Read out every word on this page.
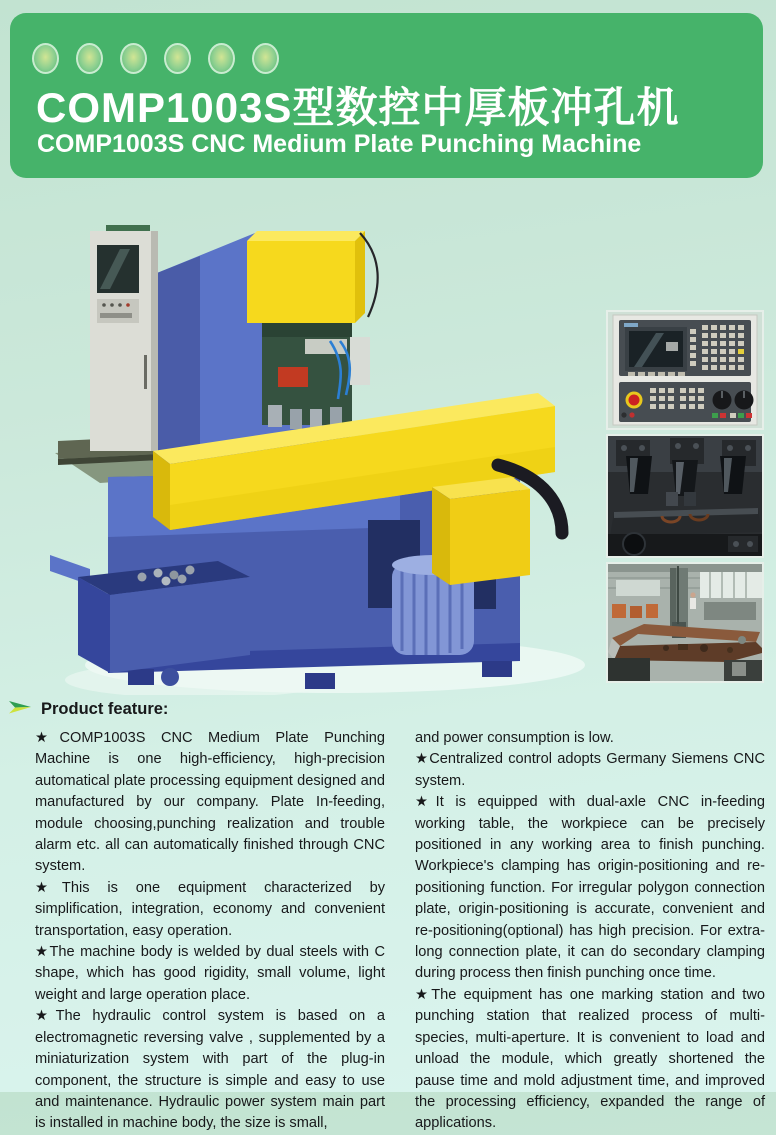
COMP1003S型数控中厚板冲孔机
COMP1003S CNC Medium Plate Punching Machine
Product feature:

★COMP1003S CNC Medium Plate Punching Machine is one high-efficiency, high-precision automatical plate processing equipment designed and manufactured by our company. Plate In-feeding, module choosing,punching realization and trouble alarm etc. all can automatically finished through CNC system.

★This is one equipment characterized by simplification, integration, economy and convenient transportation, easy operation.

★The machine body is welded by dual steels with C shape, which has good rigidity, small volume, light weight and large operation place.

★The hydraulic control system is based on a electromagnetic reversing valve , supplemented by a miniaturization system with part of the plug-in component, the structure is simple and easy to use and maintenance. Hydraulic power system main part is installed in machine body, the size is small,

and power consumption is low.

★Centralized control adopts Germany Siemens CNC system.

★It is equipped with dual-axle CNC in-feeding working table, the workpiece can be precisely positioned in any working area to finish punching. Workpiece's clamping has origin-positioning and re-positioning function. For irregular polygon connection plate, origin-positioning is accurate, convenient and re-positioning(optional) has high precision. For extra-long connection plate, it can do secondary clamping during process then finish punching once time.

★The equipment has one marking station and two punching station that realized process of multi-species, multi-aperture. It is convenient to load and unload the module, which greatly shortened the pause time and mold adjustment time, and improved the processing efficiency, expanded the range of applications.
